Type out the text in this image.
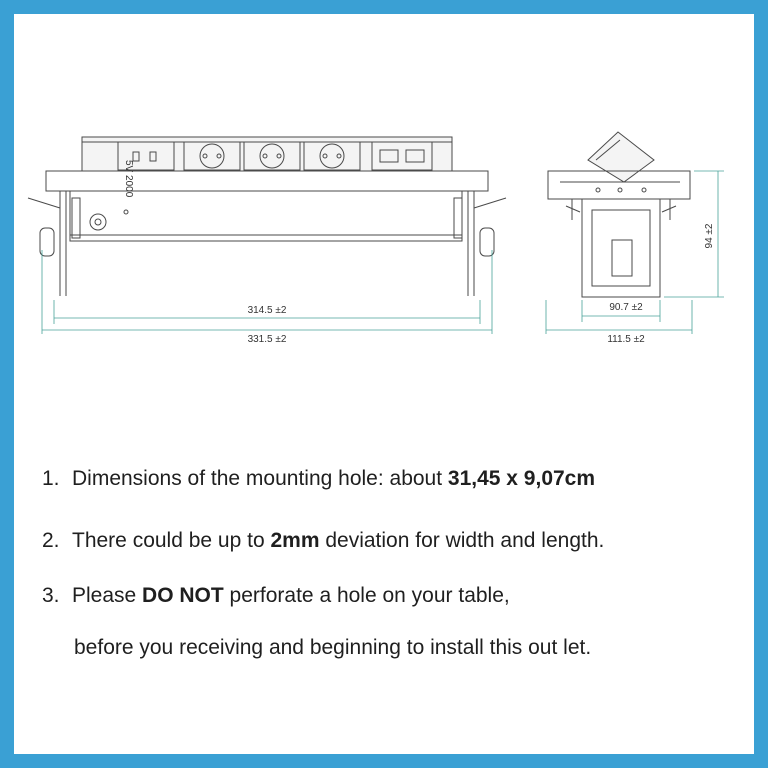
5V 2000
314.5 ±2
331.5 ±2
90.7 ±2
111.5 ±2
94 ±2
1. Dimensions of the mounting hole: about 31,45 x 9,07cm
2. There could be up to 2mm deviation for width and length.
3. Please DO NOT perforate a hole on your table,
before you receiving and beginning to install this out let.
